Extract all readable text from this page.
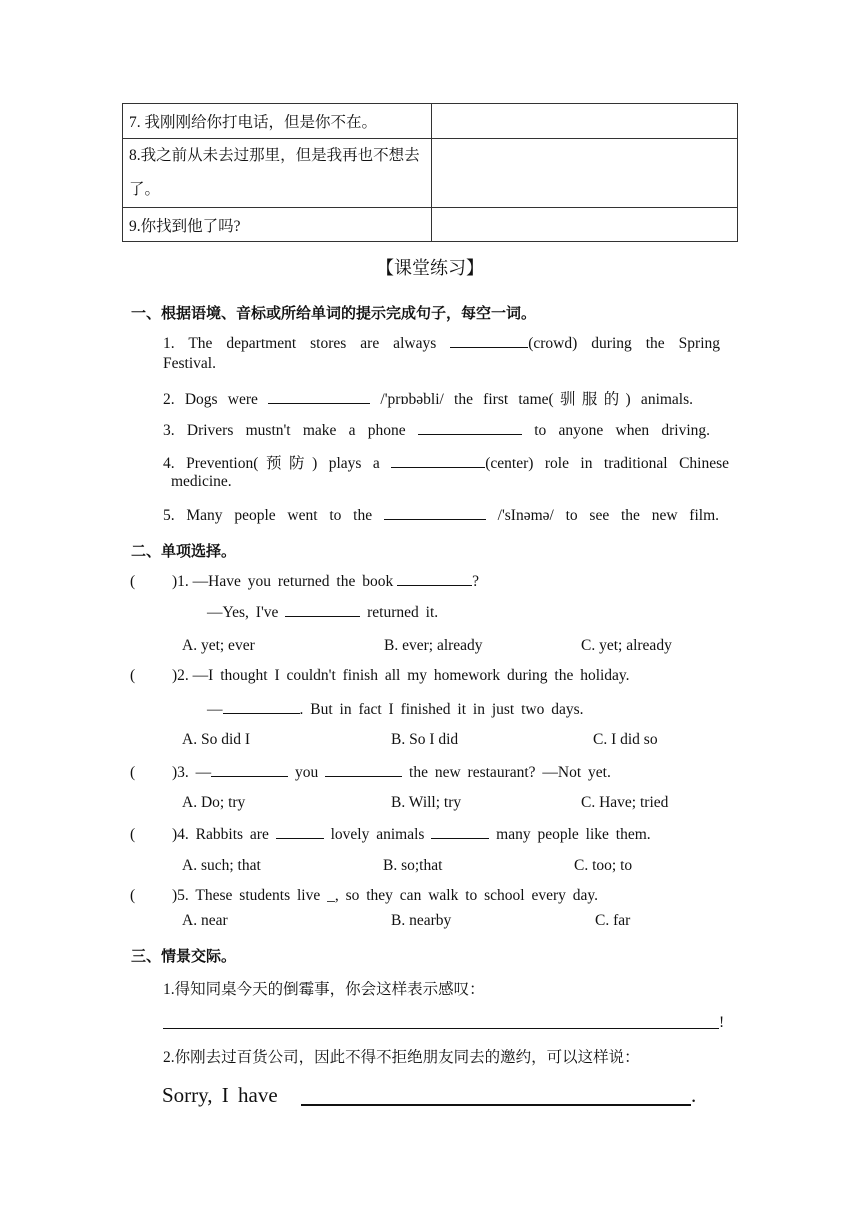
7. 我刚刚给你打电话，但是你不在。	
8.我之前从未去过那里，但是我再也不想去了。	
9.你找到他了吗?	
【课堂练习】
一、根据语境、音标或所给单词的提示完成句子，每空一词。
1. The department stores are always	(crowd) during the Spring
Festival.
2. Dogs were	/'prɒbəbli/ the first tame(驯服的) animals.
3. Drivers mustn't make a phone	to anyone when driving.
4. Prevention(预防) plays a	(center) role in traditional Chinese
medicine.
5. Many people went to the	/'sInəmə/ to see the new film.
二、单项选择。
( )1. —Have you returned the book	?
—Yes, I've	returned it.
A. yet; ever	B. ever; already	C. yet; already
( )2. —I thought I couldn't finish all my homework during the holiday.
—	. But in fact I finished it in just two days.
A. So did I	B. So I did	C. I did so
( )3. —	you	the new restaurant? —Not yet.
A. Do; try	B. Will; try	C. Have; tried
( )4. Rabbits are	lovely animals	many people like them.
A. such; that	B. so;that	C. too; to
( )5. These students live _, so they can walk to school every day.
A. near	B. nearby	C. far
三、情景交际。
1.得知同桌今天的倒霉事，你会这样表示感叹：
!
2.你刚去过百货公司，因此不得不拒绝朋友同去的邀约，可以这样说：
Sorry, I have	.
